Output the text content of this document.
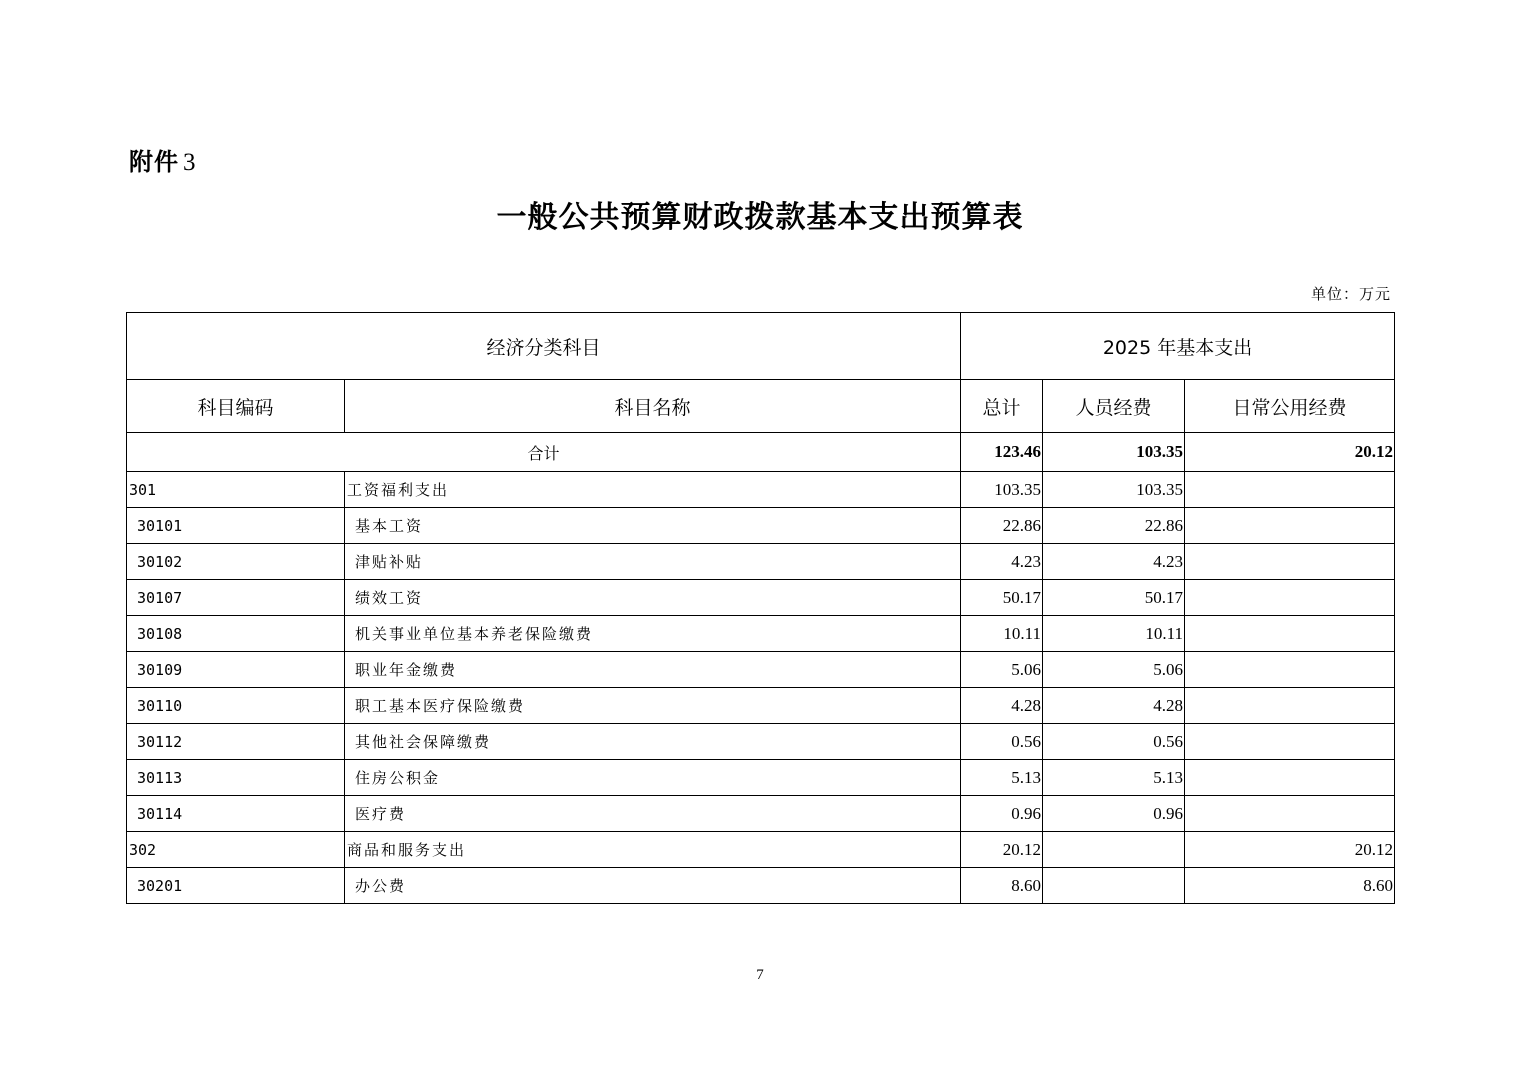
附件 3
一般公共预算财政拨款基本支出预算表
单位：万元
经济分类科目		2025 年基本支出		
科目编码	科目名称	总计	人员经费	日常公用经费
合计		123.46	103.35	20.12
301	工资福利支出	103.35	103.35	
30101	基本工资	22.86	22.86	
30102	津贴补贴	4.23	4.23	
30107	绩效工资	50.17	50.17	
30108	机关事业单位基本养老保险缴费	10.11	10.11	
30109	职业年金缴费	5.06	5.06	
30110	职工基本医疗保险缴费	4.28	4.28	
30112	其他社会保障缴费	0.56	0.56	
30113	住房公积金	5.13	5.13	
30114	医疗费	0.96	0.96	
302	商品和服务支出	20.12		20.12
30201	办公费	8.60		8.60
7
